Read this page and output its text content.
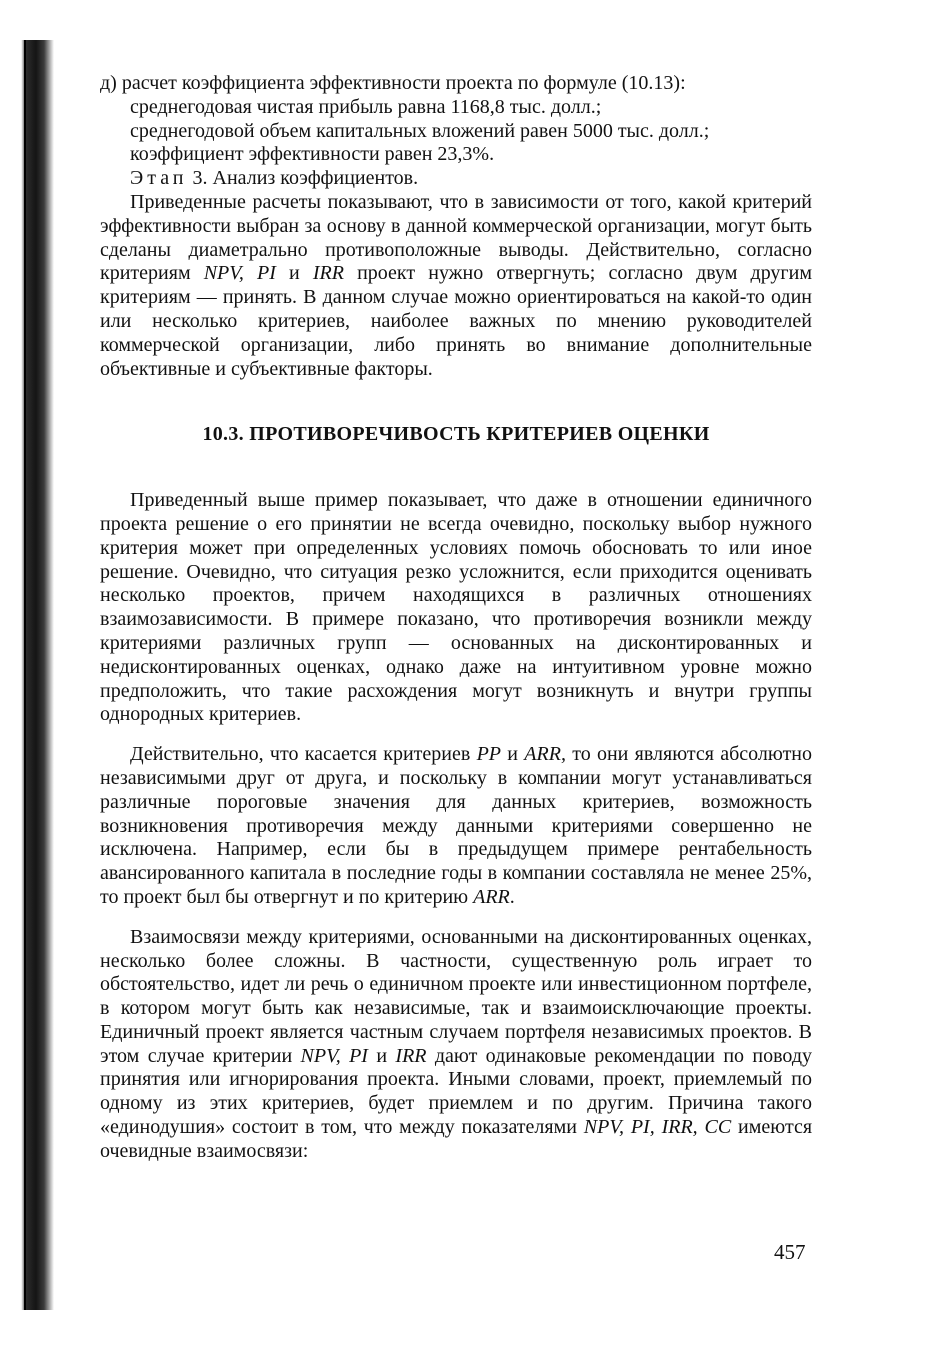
д) расчет коэффициента эффективности проекта по формуле (10.13):

среднегодовая чистая прибыль равна 1168,8 тыс. долл.;

среднегодовой объем капитальных вложений равен 5000 тыс. долл.;

коэффициент эффективности равен 23,3%.

Этап 3. Анализ коэффициентов.

Приведенные расчеты показывают, что в зависимости от того, какой критерий эффективности выбран за основу в данной коммерческой организации, могут быть сделаны диаметрально противоположные выводы. Действительно, согласно критериям NPV, PI и IRR проект нужно отвергнуть; согласно двум другим критериям — принять. В данном случае можно ориентироваться на какой-то один или несколько критериев, наиболее важных по мнению руководителей коммерческой организации, либо принять во внимание дополнительные объективные и субъективные факторы.

10.3. ПРОТИВОРЕЧИВОСТЬ КРИТЕРИЕВ ОЦЕНКИ

Приведенный выше пример показывает, что даже в отношении единичного проекта решение о его принятии не всегда очевидно, поскольку выбор нужного критерия может при определенных условиях помочь обосновать то или иное решение. Очевидно, что ситуация резко усложнится, если приходится оценивать несколько проектов, причем находящихся в различных отношениях взаимозависимости. В примере показано, что противоречия возникли между критериями различных групп — основанных на дисконтированных и недисконтированных оценках, однако даже на интуитивном уровне можно предположить, что такие расхождения могут возникнуть и внутри группы однородных критериев.

Действительно, что касается критериев PP и ARR, то они являются абсолютно независимыми друг от друга, и поскольку в компании могут устанавливаться различные пороговые значения для данных критериев, возможность возникновения противоречия между данными критериями совершенно не исключена. Например, если бы в предыдущем примере рентабельность авансированного капитала в последние годы в компании составляла не менее 25%, то проект был бы отвергнут и по критерию ARR.

Взаимосвязи между критериями, основанными на дисконтированных оценках, несколько более сложны. В частности, существенную роль играет то обстоятельство, идет ли речь о единичном проекте или инвестиционном портфеле, в котором могут быть как независимые, так и взаимоисключающие проекты. Единичный проект является частным случаем портфеля независимых проектов. В этом случае критерии NPV, PI и IRR дают одинаковые рекомендации по поводу принятия или игнорирования проекта. Иными словами, проект, приемлемый по одному из этих критериев, будет приемлем и по другим. Причина такого «единодушия» состоит в том, что между показателями NPV, PI, IRR, CC имеются очевидные взаимосвязи:

457
